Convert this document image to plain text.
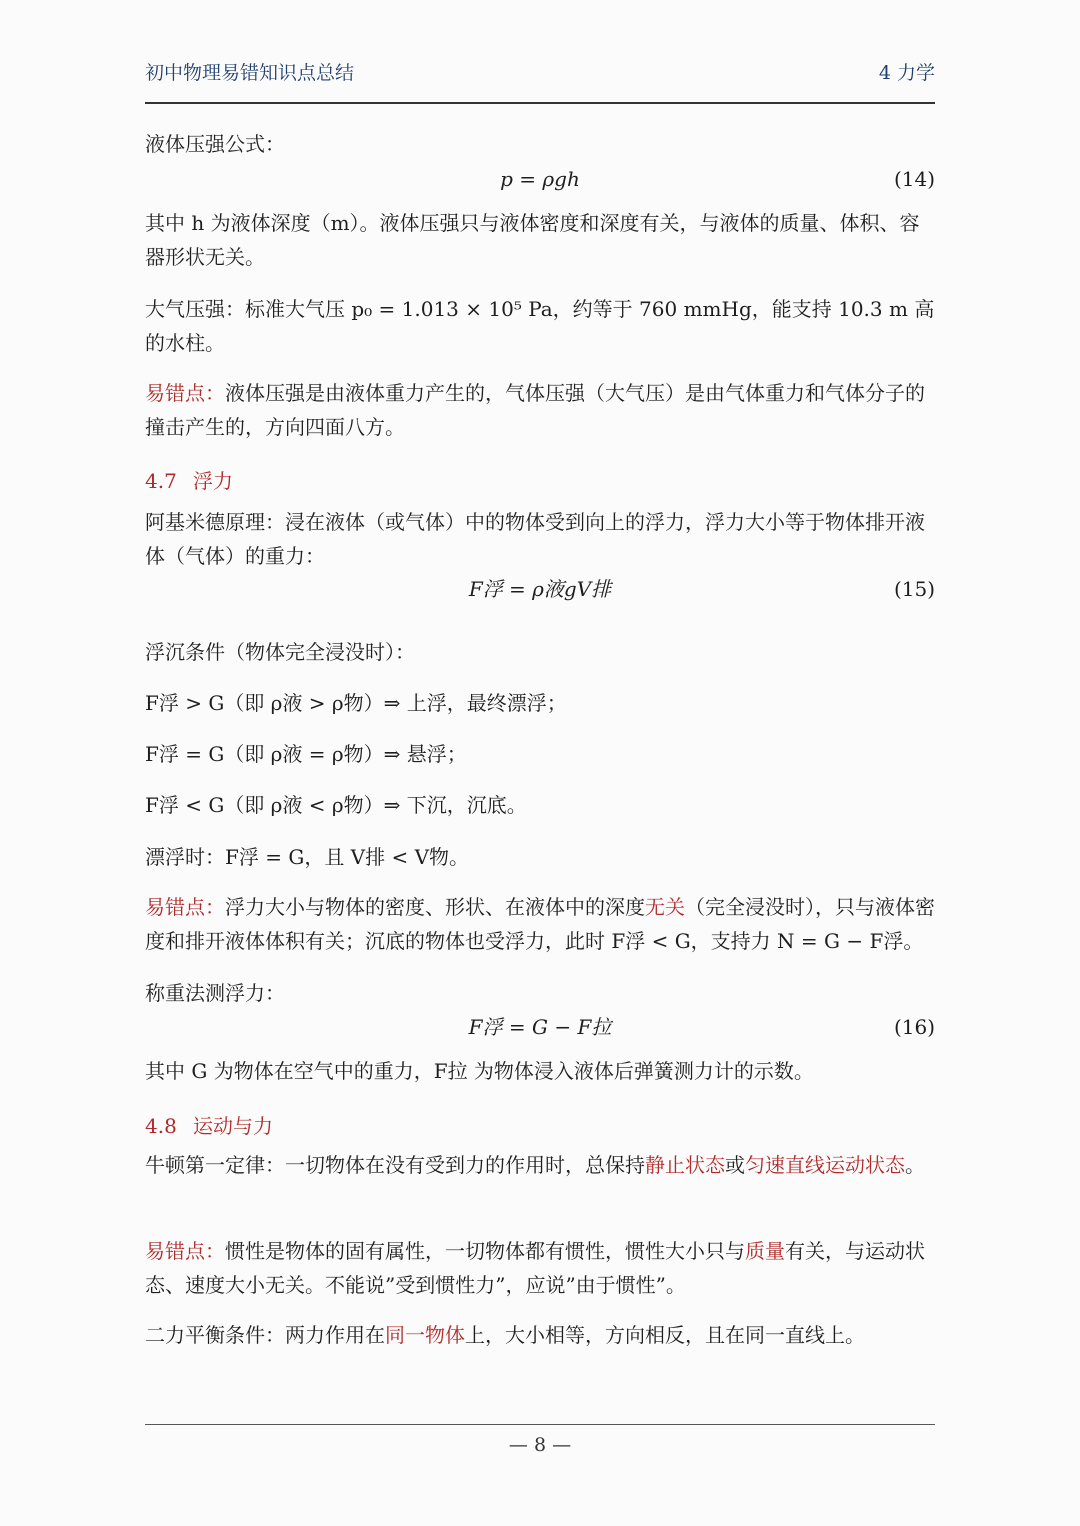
初中物理易错知识点总结	4 力学
液体压强公式：
p = ρgh	(14)
其中 h 为液体深度（m）。液体压强只与液体密度和深度有关，与液体的质量、体积、容器形状无关。
大气压强：标准大气压 p₀ = 1.013 × 10⁵ Pa，约等于 760 mmHg，能支持 10.3 m 高的水柱。
易错点：液体压强是由液体重力产生的，气体压强（大气压）是由气体重力和气体分子的撞击产生的，方向四面八方。
4.7 浮力
阿基米德原理：浸在液体（或气体）中的物体受到向上的浮力，浮力大小等于物体排开液体（气体）的重力：
F浮 = ρ液gV排	(15)
浮沉条件（物体完全浸没时）：
F浮 > G（即 ρ液 > ρ物）⇒ 上浮，最终漂浮；
F浮 = G（即 ρ液 = ρ物）⇒ 悬浮；
F浮 < G（即 ρ液 < ρ物）⇒ 下沉，沉底。
漂浮时：F浮 = G，且 V排 < V物。
易错点：浮力大小与物体的密度、形状、在液体中的深度无关（完全浸没时），只与液体密度和排开液体体积有关；沉底的物体也受浮力，此时 F浮 < G，支持力 N = G − F浮。
称重法测浮力：
F浮 = G − F拉	(16)
其中 G 为物体在空气中的重力，F拉 为物体浸入液体后弹簧测力计的示数。
4.8 运动与力
牛顿第一定律：一切物体在没有受到力的作用时，总保持静止状态或匀速直线运动状态。
易错点：惯性是物体的固有属性，一切物体都有惯性，惯性大小只与质量有关，与运动状态、速度大小无关。不能说”受到惯性力”，应说”由于惯性”。
二力平衡条件：两力作用在同一物体上，大小相等，方向相反，且在同一直线上。
— 8 —
